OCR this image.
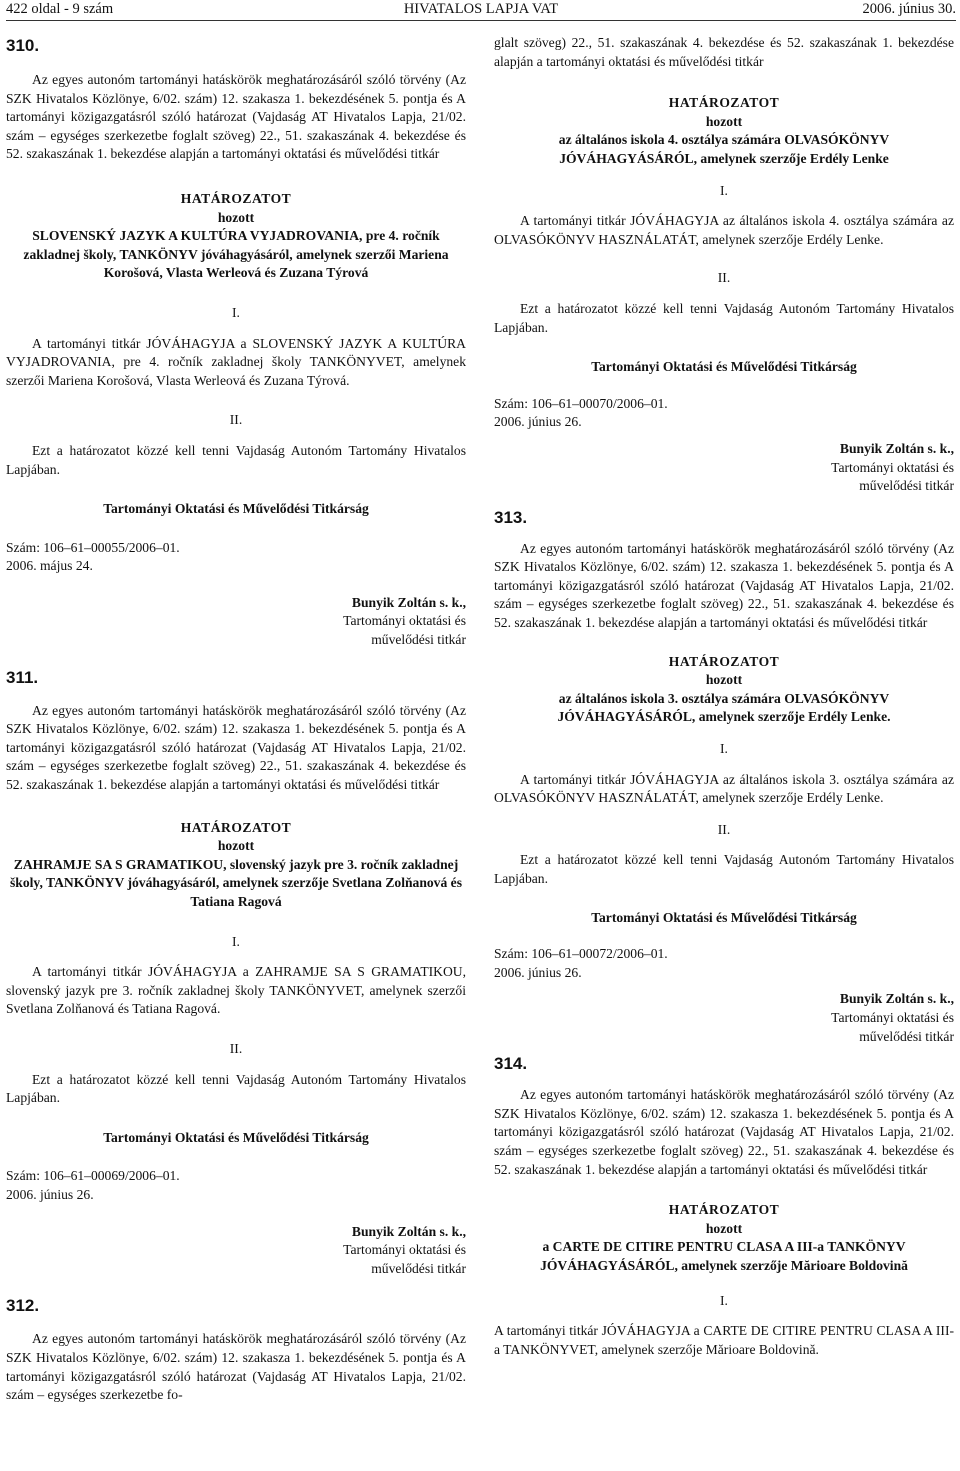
422 oldal - 9 szám	HIVATALOS LAPJA VAT	2006. június 30.

310.

Az egyes autonóm tartományi hatáskörök meghatározásáról szóló törvény (Az SZK Hivatalos Közlönye, 6/02. szám) 12. szakasza 1. bekezdésének 5. pontja és A tartományi közigazgatásról szóló határozat (Vajdaság AT Hivatalos Lapja, 21/02. szám – egységes szerkezetbe foglalt szöveg) 22., 51. szakaszának 4. bekezdése és 52. szakaszának 1. bekezdése alapján a tartományi oktatási és művelődési titkár

HATÁROZATOT

hozott

SLOVENSKÝ JAZYK A KULTÚRA VYJADROVANIA, pre 4. ročník zakladnej školy, TANKÖNYV jóváhagyásáról, amelynek szerzői Mariena Korošová, Vlasta Werleová és Zuzana Týrová

I.

A tartományi titkár JÓVÁHAGYJA a SLOVENSKÝ JAZYK A KULTÚRA VYJADROVANIA, pre 4. ročník zakladnej školy TANKÖNYVET, amelynek szerzői Mariena Korošová, Vlasta Werleová és Zuzana Týrová.

II.

Ezt a határozatot közzé kell tenni Vajdaság Autonóm Tartomány Hivatalos Lapjában.

Tartományi Oktatási és Művelődési Titkárság

Szám: 106–61–00055/2006–01.

2006. május 24.

Bunyik Zoltán s. k.,

Tartományi oktatási és

művelődési titkár

311.

Az egyes autonóm tartományi hatáskörök meghatározásáról szóló törvény (Az SZK Hivatalos Közlönye, 6/02. szám) 12. szakasza 1. bekezdésének 5. pontja és A tartományi közigazgatásról szóló határozat (Vajdaság AT Hivatalos Lapja, 21/02. szám – egységes szerkezetbe foglalt szöveg) 22., 51. szakaszának 4. bekezdése és 52. szakaszának 1. bekezdése alapján a tartományi oktatási és művelődési titkár

HATÁROZATOT

hozott

ZAHRAMJE SA S GRAMATIKOU, slovenský jazyk pre 3. ročník zakladnej školy, TANKÖNYV jóváhagyásáról, amelynek szerzője Svetlana Zolňanová és Tatiana Ragová

I.

A tartományi titkár JÓVÁHAGYJA a ZAHRAMJE SA S GRAMATIKOU, slovenský jazyk pre 3. ročník zakladnej školy TANKÖNYVET, amelynek szerzői Svetlana Zolňanová és Tatiana Ragová.

II.

Ezt a határozatot közzé kell tenni Vajdaság Autonóm Tartomány Hivatalos Lapjában.

Tartományi Oktatási és Művelődési Titkárság

Szám: 106–61–00069/2006–01.

2006. június 26.

Bunyik Zoltán s. k.,

Tartományi oktatási és

művelődési titkár

312.

Az egyes autonóm tartományi hatáskörök meghatározásáról szóló törvény (Az SZK Hivatalos Közlönye, 6/02. szám) 12. szakasza 1. bekezdésének 5. pontja és A tartományi közigazgatásról szóló határozat (Vajdaság AT Hivatalos Lapja, 21/02. szám – egységes szerkezetbe fo-

glalt szöveg) 22., 51. szakaszának 4. bekezdése és 52. szakaszának 1. bekezdése alapján a tartományi oktatási és művelődési titkár

HATÁROZATOT

hozott

az általános iskola 4. osztálya számára OLVASÓKÖNYV JÓVÁHAGYÁSÁRÓL, amelynek szerzője Erdély Lenke

I.

A tartományi titkár JÓVÁHAGYJA az általános iskola 4. osztálya számára az OLVASÓKÖNYV HASZNÁLATÁT, amelynek szerzője Erdély Lenke.

II.

Ezt a határozatot közzé kell tenni Vajdaság Autonóm Tartomány Hivatalos Lapjában.

Tartományi Oktatási és Művelődési Titkárság

Szám: 106–61–00070/2006–01.

2006. június 26.

Bunyik Zoltán s. k.,

Tartományi oktatási és

művelődési titkár

313.

Az egyes autonóm tartományi hatáskörök meghatározásáról szóló törvény (Az SZK Hivatalos Közlönye, 6/02. szám) 12. szakasza 1. bekezdésének 5. pontja és A tartományi közigazgatásról szóló határozat (Vajdaság AT Hivatalos Lapja, 21/02. szám – egységes szerkezetbe foglalt szöveg) 22., 51. szakaszának 4. bekezdése és 52. szakaszának 1. bekezdése alapján a tartományi oktatási és művelődési titkár

HATÁROZATOT

hozott

az általános iskola 3. osztálya számára OLVASÓKÖNYV JÓVÁHAGYÁSÁRÓL, amelynek szerzője Erdély Lenke.

I.

A tartományi titkár JÓVÁHAGYJA az általános iskola 3. osztálya számára az OLVASÓKÖNYV HASZNÁLATÁT, amelynek szerzője Erdély Lenke.

II.

Ezt a határozatot közzé kell tenni Vajdaság Autonóm Tartomány Hivatalos Lapjában.

Tartományi Oktatási és Művelődési Titkárság

Szám: 106–61–00072/2006–01.

2006. június 26.

Bunyik Zoltán s. k.,

Tartományi oktatási és

művelődési titkár

314.

Az egyes autonóm tartományi hatáskörök meghatározásáról szóló törvény (Az SZK Hivatalos Közlönye, 6/02. szám) 12. szakasza 1. bekezdésének 5. pontja és A tartományi közigazgatásról szóló határozat (Vajdaság AT Hivatalos Lapja, 21/02. szám – egységes szerkezetbe foglalt szöveg) 22., 51. szakaszának 4. bekezdése és 52. szakaszának 1. bekezdése alapján a tartományi oktatási és művelődési titkár

HATÁROZATOT

hozott

a CARTE DE CITIRE PENTRU CLASA A III-a TANKÖNYV JÓVÁHAGYÁSÁRÓL, amelynek szerzője Mărioare Boldovină

I.

A tartományi titkár JÓVÁHAGYJA a CARTE DE CITIRE PENTRU CLASA A III-a TANKÖNYVET, amelynek szerzője Mărioare Boldovină.
